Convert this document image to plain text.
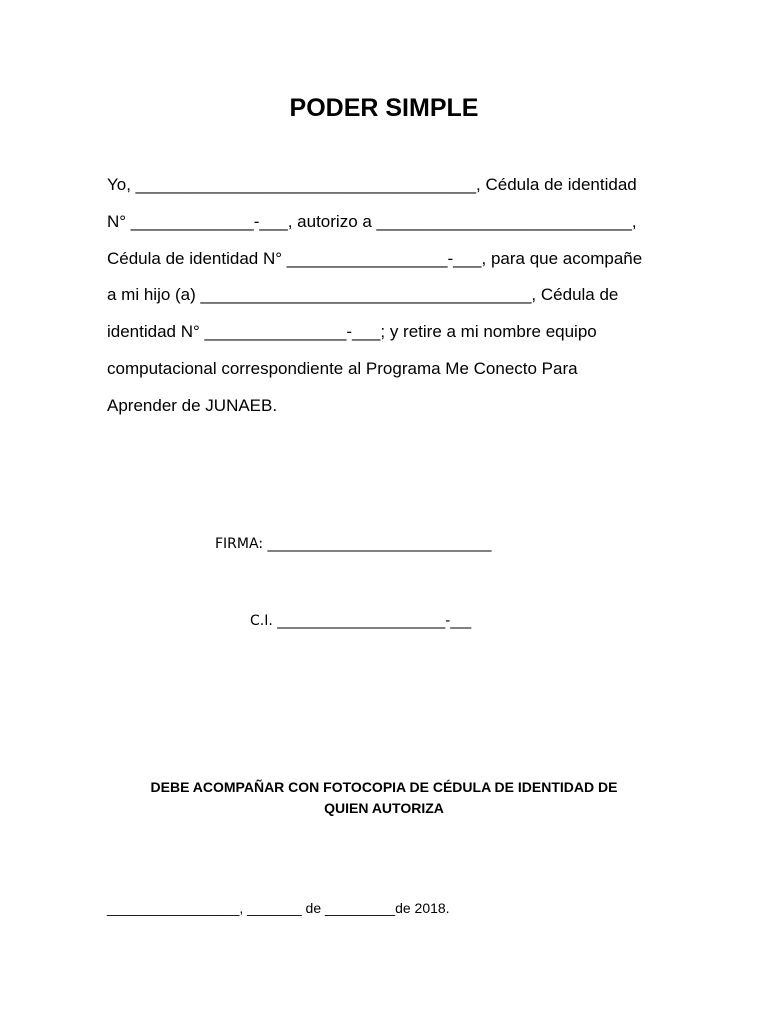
PODER SIMPLE
Yo, ____________________________________, Cédula de identidad
N° _____________-___, autorizo a ___________________________,
Cédula de identidad N° _________________-___, para que acompañe
a mi hijo (a) ___________________________________, Cédula de
identidad N° _______________-___; y retire a mi nombre equipo
computacional correspondiente al Programa Me Conecto Para
Aprender de JUNAEB.
FIRMA: ________________________________
C.I. ________________________-___
DEBE ACOMPAÑAR CON FOTOCOPIA DE CÉDULA DE IDENTIDAD DE
QUIEN AUTORIZA
_________________, _______ de _________de 2018.
